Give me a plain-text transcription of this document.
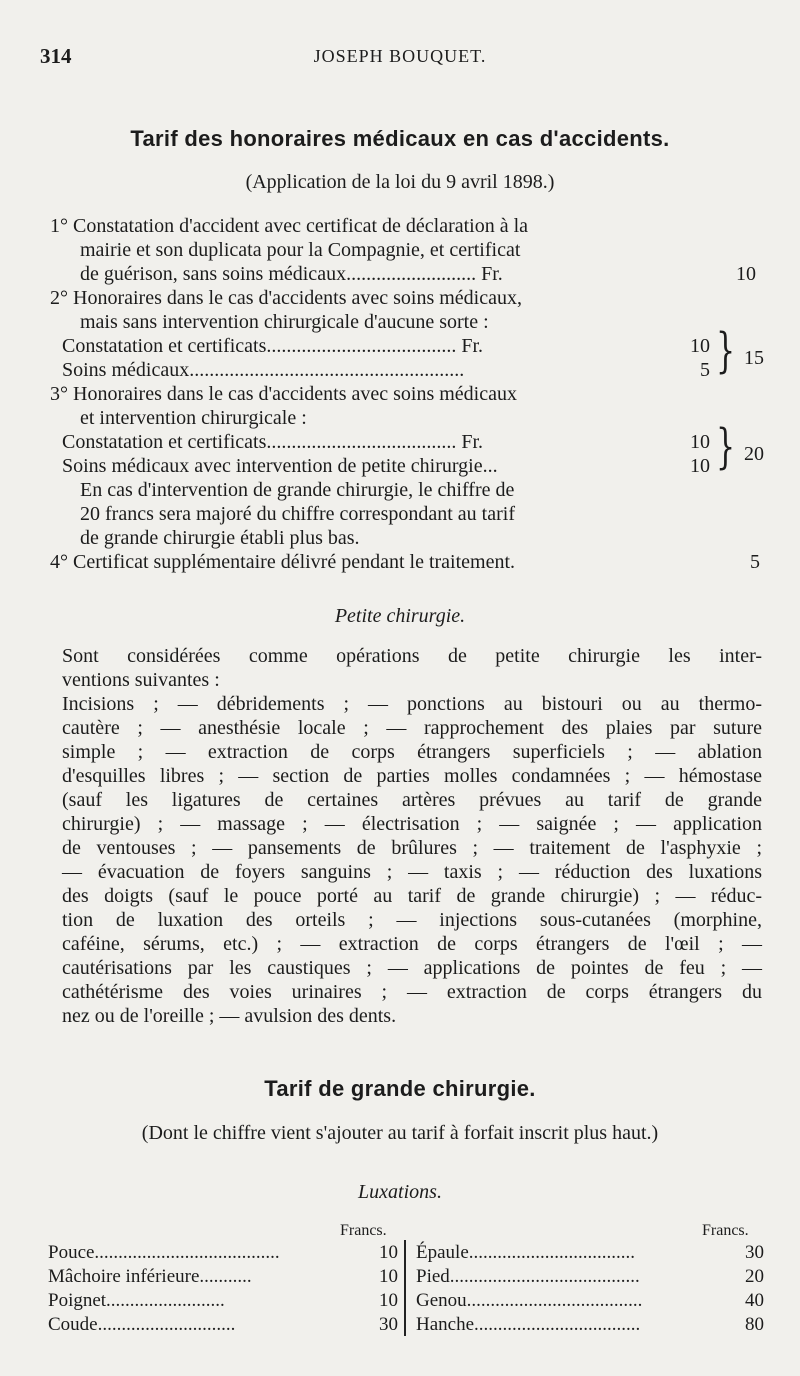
314	JOSEPH BOUQUET.
Tarif des honoraires médicaux en cas d'accidents.
(Application de la loi du 9 avril 1898.)
1° Constatation d'accident avec certificat de déclaration à la
mairie et son duplicata pour la Compagnie, et certificat
de guérison, sans soins médicaux.......................... Fr.	10
2° Honoraires dans le cas d'accidents avec soins médicaux,
mais sans intervention chirurgicale d'aucune sorte :
Constatation et certificats...................................... Fr.	10
Soins médicaux.......................................................	5 } 15
3° Honoraires dans le cas d'accidents avec soins médicaux
et intervention chirurgicale :
Constatation et certificats...................................... Fr.	10
Soins médicaux avec intervention de petite chirurgie...	10 } 20
En cas d'intervention de grande chirurgie, le chiffre de
20 francs sera majoré du chiffre correspondant au tarif
de grande chirurgie établi plus bas.
4° Certificat supplémentaire délivré pendant le traitement.	5
Petite chirurgie.
Sont considérées comme opérations de petite chirurgie les inter-
ventions suivantes :
Incisions ; — débridements ; — ponctions au bistouri ou au thermo-
cautère ; — anesthésie locale ; — rapprochement des plaies par suture
simple ; — extraction de corps étrangers superficiels ; — ablation
d'esquilles libres ; — section de parties molles condamnées ; — hémostase
(sauf les ligatures de certaines artères prévues au tarif de grande
chirurgie) ; — massage ; — électrisation ; — saignée ; — application
de ventouses ; — pansements de brûlures ; — traitement de l'asphyxie ;
— évacuation de foyers sanguins ; — taxis ; — réduction des luxations
des doigts (sauf le pouce porté au tarif de grande chirurgie) ; — réduc-
tion de luxation des orteils ; — injections sous-cutanées (morphine,
caféine, sérums, etc.) ; — extraction de corps étrangers de l'œil ; —
cautérisations par les caustiques ; — applications de pointes de feu ; —
cathétérisme des voies urinaires ; — extraction de corps étrangers du
nez ou de l'oreille ; — avulsion des dents.
Tarif de grande chirurgie.
(Dont le chiffre vient s'ajouter au tarif à forfait inscrit plus haut.)
Luxations.
Francs.	Francs.
Pouce.......................................	10
Mâchoire inférieure...........	10
Poignet.........................	10
Coude.............................	30
Épaule...................................	30
Pied........................................	20
Genou.....................................	40
Hanche...................................	80
